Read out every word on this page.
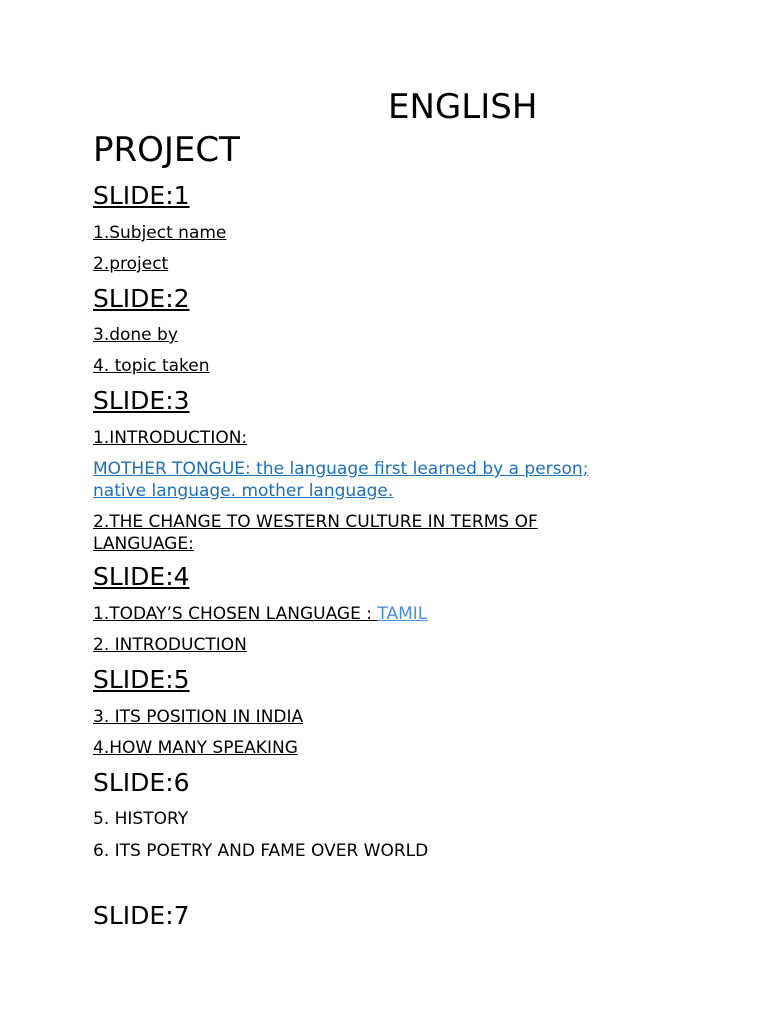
ENGLISH
PROJECT
SLIDE:1
1.Subject name
2.project
SLIDE:2
3.done by
4. topic taken
SLIDE:3
1.INTRODUCTION:
MOTHER TONGUE: the language first learned by a person;
native language. mother language.
2.THE CHANGE TO WESTERN CULTURE IN TERMS OF
LANGUAGE:
SLIDE:4
1.TODAY’S CHOSEN LANGUAGE : TAMIL
2. INTRODUCTION
SLIDE:5
3. ITS POSITION IN INDIA
4.HOW MANY SPEAKING
SLIDE:6
5. HISTORY
6. ITS POETRY AND FAME OVER WORLD
SLIDE:7
